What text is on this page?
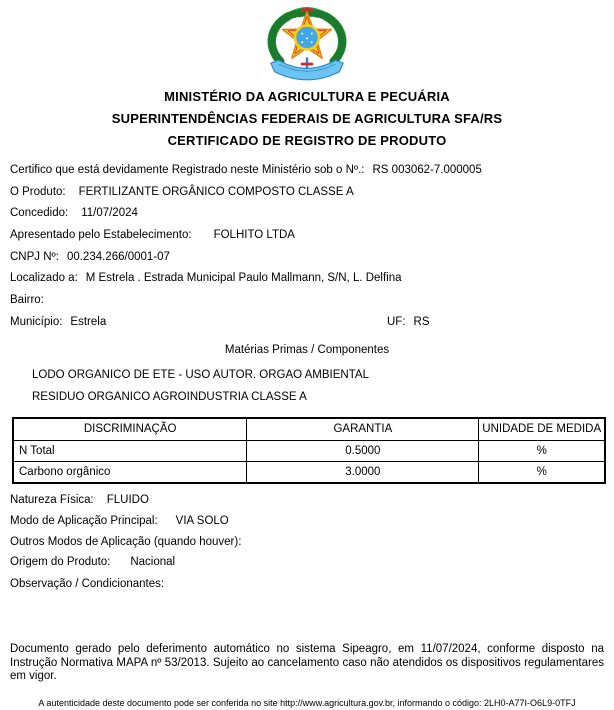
MINISTÉRIO DA AGRICULTURA E PECUÁRIA
SUPERINTENDÊNCIAS FEDERAIS DE AGRICULTURA SFA/RS
CERTIFICADO DE REGISTRO DE PRODUTO
Certifico que está devidamente Registrado neste Ministério sob o Nº.: RS 003062-7.000005
O Produto: FERTILIZANTE ORGÂNICO COMPOSTO CLASSE A
Concedido: 11/07/2024
Apresentado pelo Estabelecimento: FOLHITO LTDA
CNPJ Nº: 00.234.266/0001-07
Localizado a: M Estrela . Estrada Municipal Paulo Mallmann, S/N, L. Delfina
Bairro:
Município: Estrela	UF: RS
Matérias Primas / Componentes
LODO ORGANICO DE ETE - USO AUTOR. ORGAO AMBIENTAL
RESIDUO ORGANICO AGROINDUSTRIA CLASSE A
DISCRIMINAÇÃO	GARANTIA	UNIDADE DE MEDIDA
N Total	0.5000	%
Carbono orgânico	3.0000	%
Natureza Física: FLUIDO
Modo de Aplicação Principal: VIA SOLO
Outros Modos de Aplicação (quando houver):
Origem do Produto: Nacional
Observação / Condicionantes:

Documento gerado pelo deferimento automático no sistema Sipeagro, em 11/07/2024, conforme disposto na Instrução Normativa MAPA nº 53/2013. Sujeito ao cancelamento caso não atendidos os dispositivos regulamentares em vigor.

A autenticidade deste documento pode ser conferida no site http://www.agricultura.gov.br, informando o código: 2LH0-A77I-O6L9-0TFJ
